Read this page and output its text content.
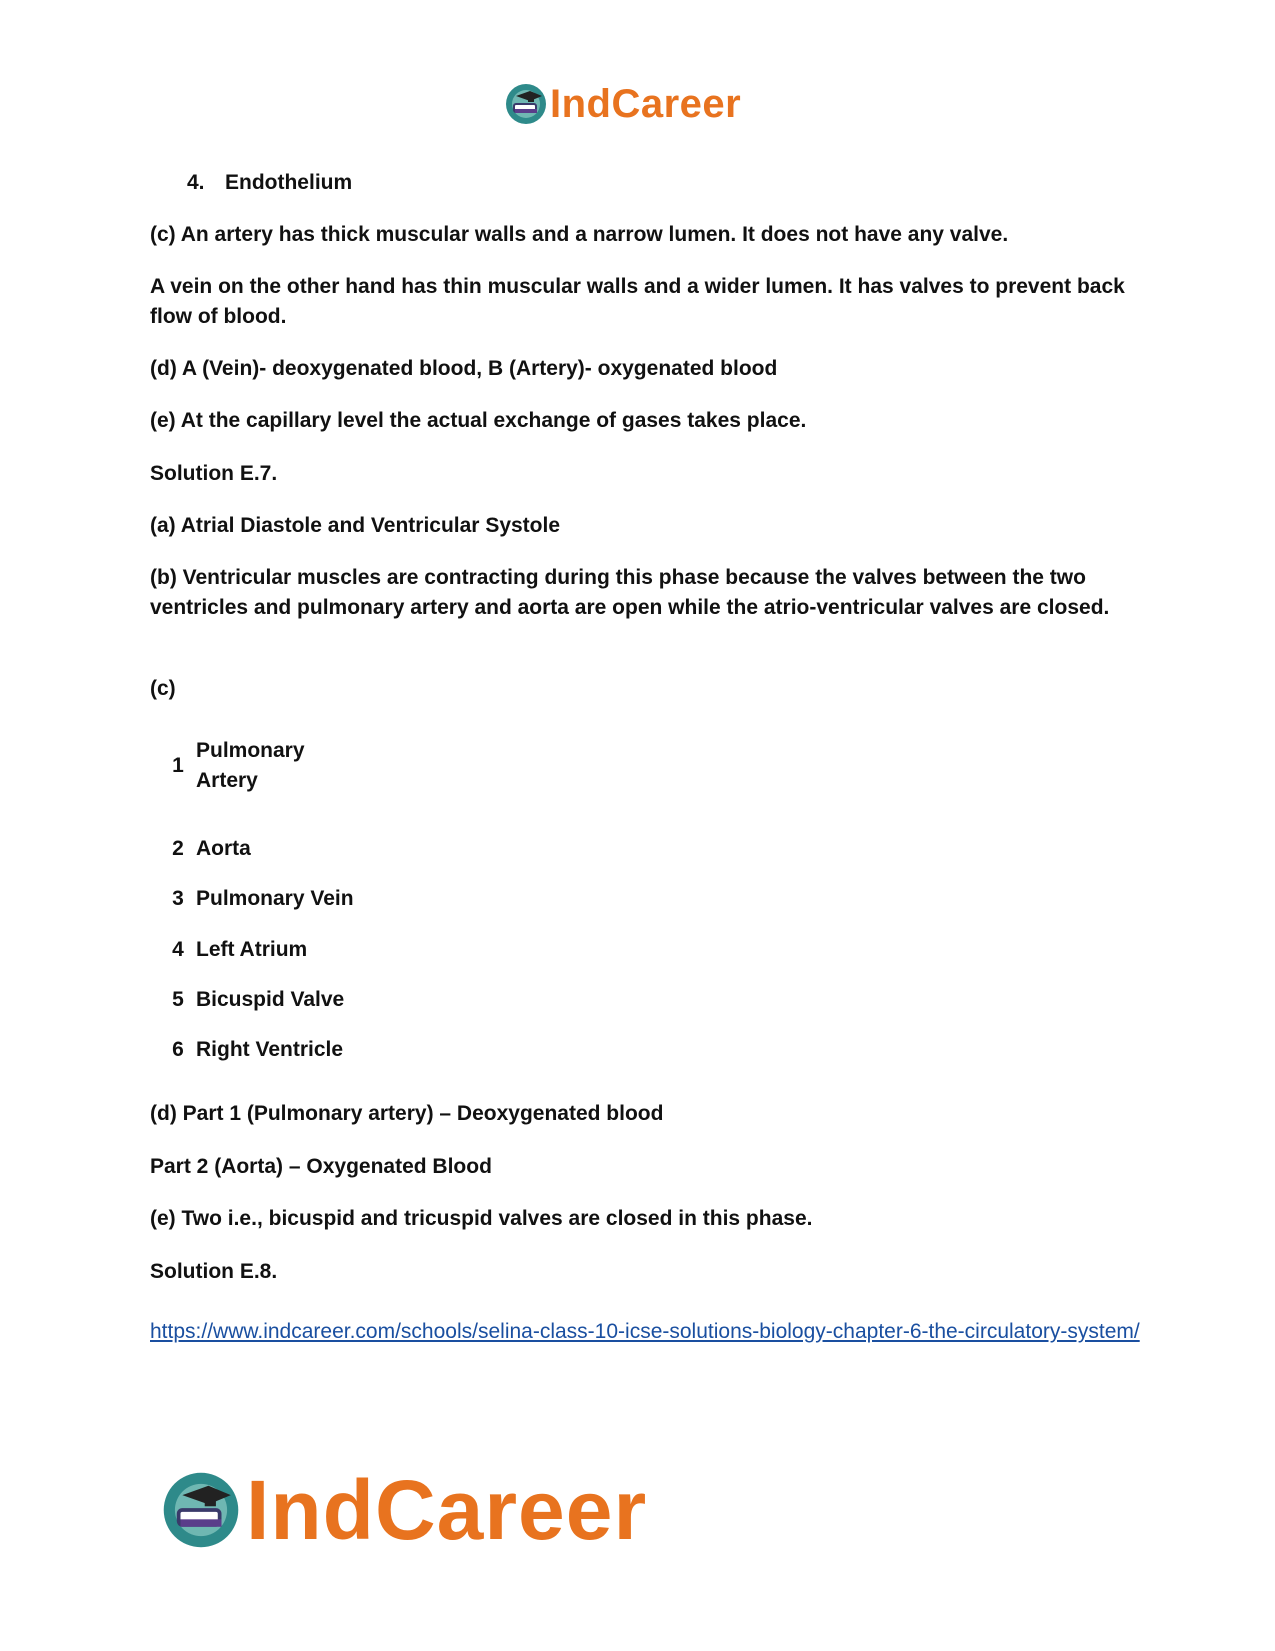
IndCareer
4. Endothelium
(c) An artery has thick muscular walls and a narrow lumen. It does not have any valve.
A vein on the other hand has thin muscular walls and a wider lumen. It has valves to prevent back flow of blood.
(d) A (Vein)- deoxygenated blood, B (Artery)- oxygenated blood
(e) At the capillary level the actual exchange of gases takes place.
Solution E.7.
(a) Atrial Diastole and Ventricular Systole
(b) Ventricular muscles are contracting during this phase because the valves between the two ventricles and pulmonary artery and aorta are open while the atrio-ventricular valves are closed.
(c)
1
Pulmonary Artery
2 Aorta
3 Pulmonary Vein
4 Left Atrium
5 Bicuspid Valve
6 Right Ventricle
(d) Part 1 (Pulmonary artery) – Deoxygenated blood
Part 2 (Aorta) – Oxygenated Blood
(e) Two i.e., bicuspid and tricuspid valves are closed in this phase.
Solution E.8.
https://www.indcareer.com/schools/selina-class-10-icse-solutions-biology-chapter-6-the-circulatory-system/
IndCareer
